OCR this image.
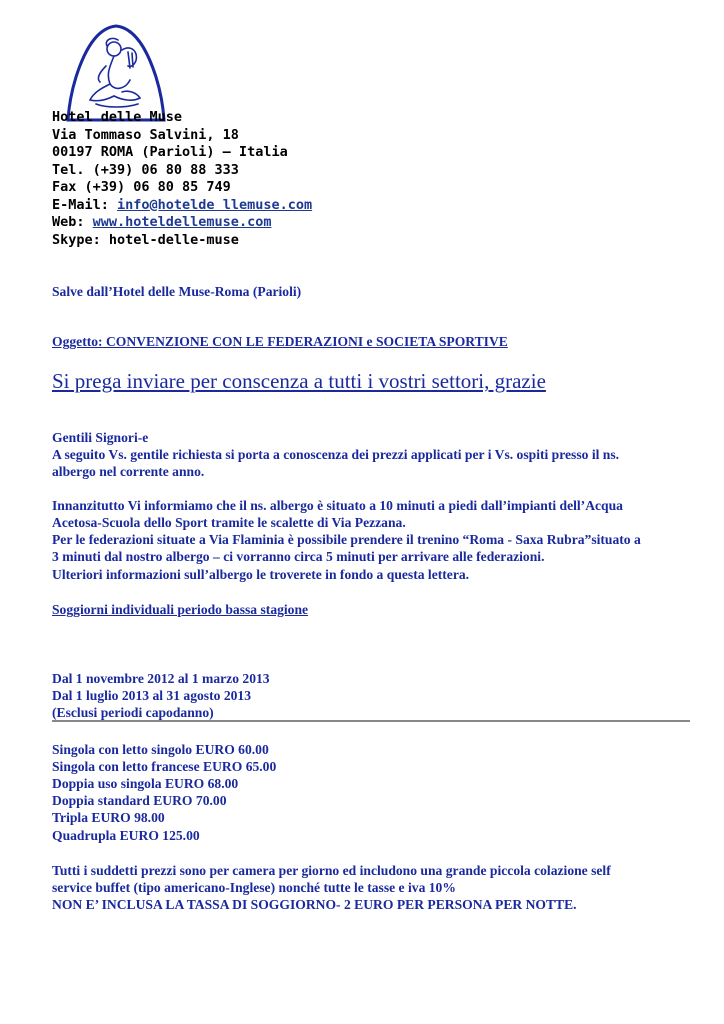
Hotel delle Muse
Via Tommaso Salvini, 18
00197 ROMA (Parioli) – Italia
Tel. (+39) 06 80 88 333
Fax (+39) 06 80 85 749
E-Mail: info@hotelde llemuse.com
Web: www.hoteldellemuse.com
Skype: hotel-delle-muse
Salve dall’Hotel delle Muse-Roma (Parioli)
Oggetto: CONVENZIONE CON LE FEDERAZIONI e SOCIETA SPORTIVE
Si prega inviare per conscenza a tutti i vostri settori, grazie
Gentili Signori-e
A seguito Vs. gentile richiesta si porta a conoscenza dei prezzi applicati per i Vs. ospiti presso il ns.
albergo nel corrente anno.
Innanzitutto Vi informiamo che il ns. albergo è situato a 10 minuti a piedi dall’impianti dell’Acqua
Acetosa-Scuola dello Sport tramite le scalette di Via Pezzana.
Per le federazioni situate a Via Flaminia è possibile prendere il trenino “Roma - Saxa Rubra”situato a
3 minuti dal nostro albergo – ci vorranno circa 5 minuti per arrivare alle federazioni.
Ulteriori informazioni sull’albergo le troverete in fondo a questa lettera.
Soggiorni individuali periodo bassa stagione
Dal 1 novembre 2012 al 1 marzo 2013
Dal 1 luglio 2013 al 31 agosto 2013
(Esclusi periodi capodanno)
Singola con letto singolo EURO 60.00
Singola con letto francese EURO 65.00
Doppia uso singola EURO 68.00
Doppia standard EURO 70.00
Tripla EURO 98.00
Quadrupla EURO 125.00
Tutti i suddetti prezzi sono per camera per giorno ed includono una grande piccola colazione self
service buffet (tipo americano-Inglese) nonché tutte le tasse e iva 10%
NON E’ INCLUSA LA TASSA DI SOGGIORNO- 2 EURO PER PERSONA PER NOTTE.
